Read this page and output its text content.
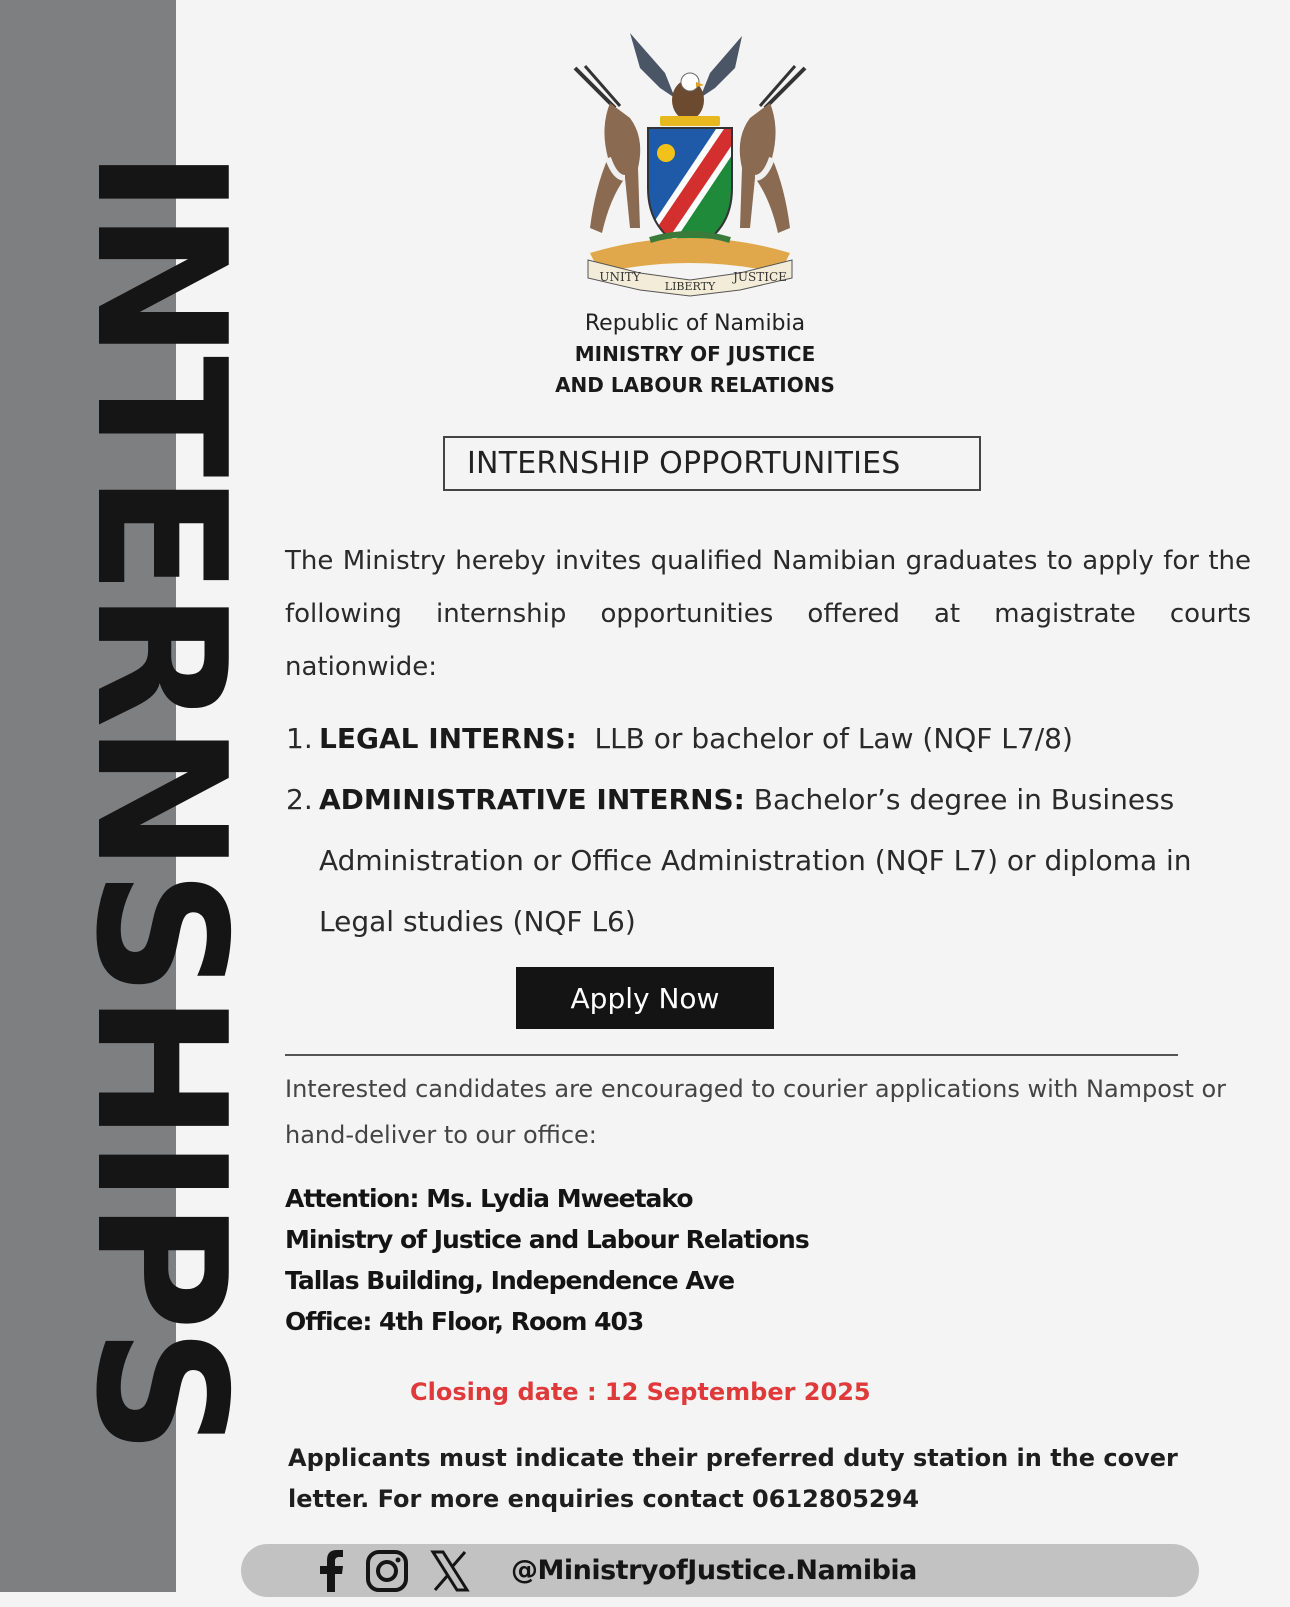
INTERNSHIPS	UNITY
LIBERTY
JUSTICE
Republic of Namibia
MINISTRY OF JUSTICE
AND LABOUR RELATIONS
INTERNSHIP OPPORTUNITIES

The Ministry hereby invites qualified Namibian graduates to apply for the following internship opportunities offered at magistrate courts nationwide:

1. LEGAL INTERNS: LLB or bachelor of Law (NQF L7/8)
2. ADMINISTRATIVE INTERNS: Bachelor’s degree in Business Administration or Office Administration (NQF L7) or diploma in Legal studies (NQF L6)
Apply Now

Interested candidates are encouraged to courier applications with Nampost or hand-deliver to our office:

Attention: Ms. Lydia Mweetako
Ministry of Justice and Labour Relations
Tallas Building, Independence Ave
Office: 4th Floor, Room 403
Closing date : 12 September 2025

Applicants must indicate their preferred duty station in the cover letter. For more enquiries contact 0612805294

@MinistryofJustice.Namibia
